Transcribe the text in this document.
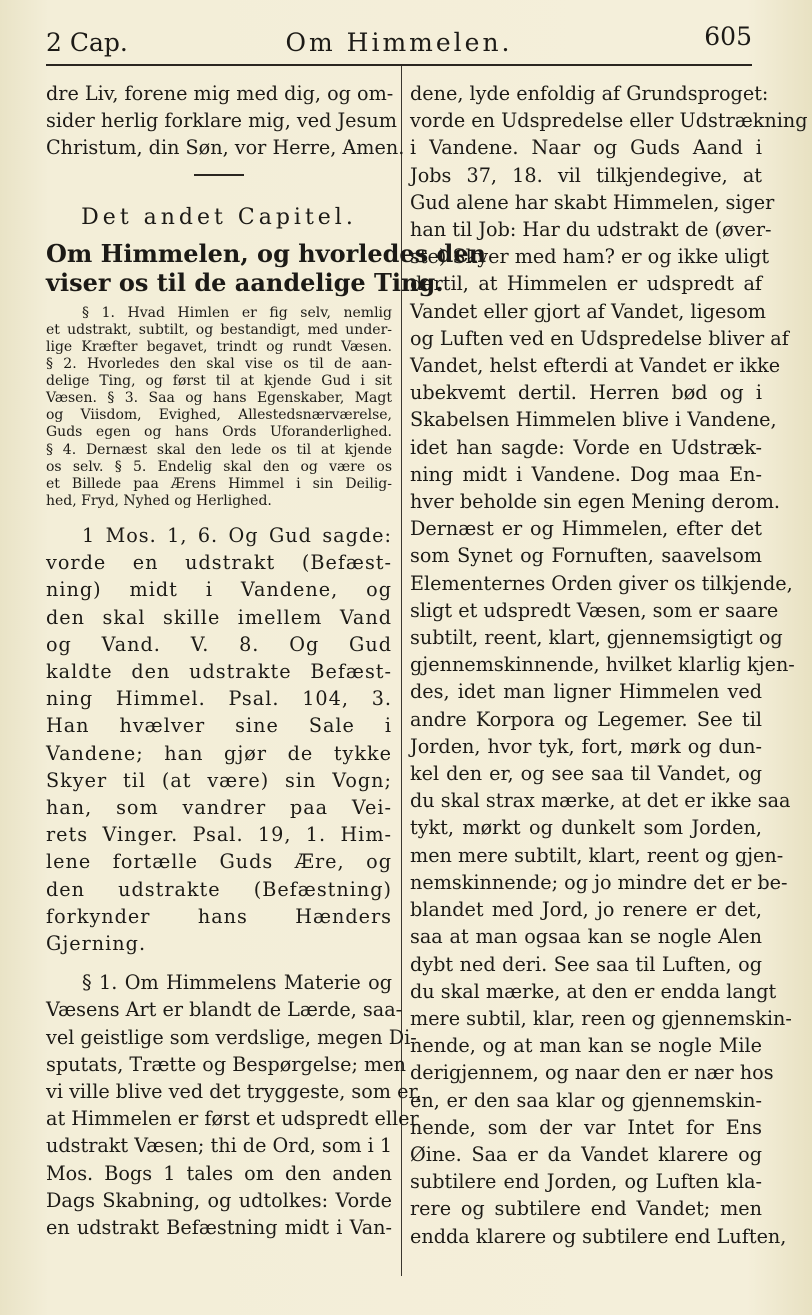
2 Cap.	Om Himmelen.	605
dre Liv, forene mig med dig, og om-
sider herlig forklare mig, ved Jesum
Christum, din Søn, vor Herre, Amen.
Det andet Capitel.
Om Himmelen, og hvorledes den
viser os til de aandelige Ting.
§ 1. Hvad Himlen er fig selv, nemlig
et udstrakt, subtilt, og bestandigt, med under-
lige Kræfter begavet, trindt og rundt Væsen.
§ 2. Hvorledes den skal vise os til de aan-
delige Ting, og først til at kjende Gud i sit
Væsen. § 3. Saa og hans Egenskaber, Magt
og Viisdom, Evighed, Allestedsnærværelse,
Guds egen og hans Ords Uforanderlighed.
§ 4. Dernæst skal den lede os til at kjende
os selv. § 5. Endelig skal den og være os
et Billede paa Ærens Himmel i sin Deilig-
hed, Fryd, Nyhed og Herlighed.
1 Mos. 1, 6. Og Gud sagde:
vorde en udstrakt (Befæst-
ning) midt i Vandene, og
den skal skille imellem Vand
og Vand. V. 8. Og Gud
kaldte den udstrakte Befæst-
ning Himmel. Psal. 104, 3.
Han hvælver sine Sale i
Vandene; han gjør de tykke
Skyer til (at være) sin Vogn;
han, som vandrer paa Vei-
rets Vinger. Psal. 19, 1. Him-
lene fortælle Guds Ære, og
den udstrakte (Befæstning)
forkynder hans Hænders
Gjerning.
§ 1. Om Himmelens Materie og
Væsens Art er blandt de Lærde, saa-
vel geistlige som verdslige, megen Di-
sputats, Trætte og Bespørgelse; men
vi ville blive ved det tryggeste, som er,
at Himmelen er først et udspredt eller
udstrakt Væsen; thi de Ord, som i 1
Mos. Bogs 1 tales om den anden
Dags Skabning, og udtolkes: Vorde
en udstrakt Befæstning midt i Van-
dene, lyde enfoldig af Grundsproget:
vorde en Udspredelse eller Udstrækning
i Vandene. Naar og Guds Aand i
Jobs 37, 18. vil tilkjendegive, at
Gud alene har skabt Himmelen, siger
han til Job: Har du udstrakt de (øver-
ste) Skyer med ham? er og ikke uligt
dertil, at Himmelen er udspredt af
Vandet eller gjort af Vandet, ligesom
og Luften ved en Udspredelse bliver af
Vandet, helst efterdi at Vandet er ikke
ubekvemt dertil. Herren bød og i
Skabelsen Himmelen blive i Vandene,
idet han sagde: Vorde en Udstræk-
ning midt i Vandene. Dog maa En-
hver beholde sin egen Mening derom.
Dernæst er og Himmelen, efter det
som Synet og Fornuften, saavelsom
Elementernes Orden giver os tilkjende,
sligt et udspredt Væsen, som er saare
subtilt, reent, klart, gjennemsigtigt og
gjennemskinnende, hvilket klarlig kjen-
des, idet man ligner Himmelen ved
andre Korpora og Legemer. See til
Jorden, hvor tyk, fort, mørk og dun-
kel den er, og see saa til Vandet, og
du skal strax mærke, at det er ikke saa
tykt, mørkt og dunkelt som Jorden,
men mere subtilt, klart, reent og gjen-
nemskinnende; og jo mindre det er be-
blandet med Jord, jo renere er det,
saa at man ogsaa kan se nogle Alen
dybt ned deri. See saa til Luften, og
du skal mærke, at den er endda langt
mere subtil, klar, reen og gjennemskin-
nende, og at man kan se nogle Mile
derigjennem, og naar den er nær hos
en, er den saa klar og gjennemskin-
nende, som der var Intet for Ens
Øine. Saa er da Vandet klarere og
subtilere end Jorden, og Luften kla-
rere og subtilere end Vandet; men
endda klarere og subtilere end Luften,
